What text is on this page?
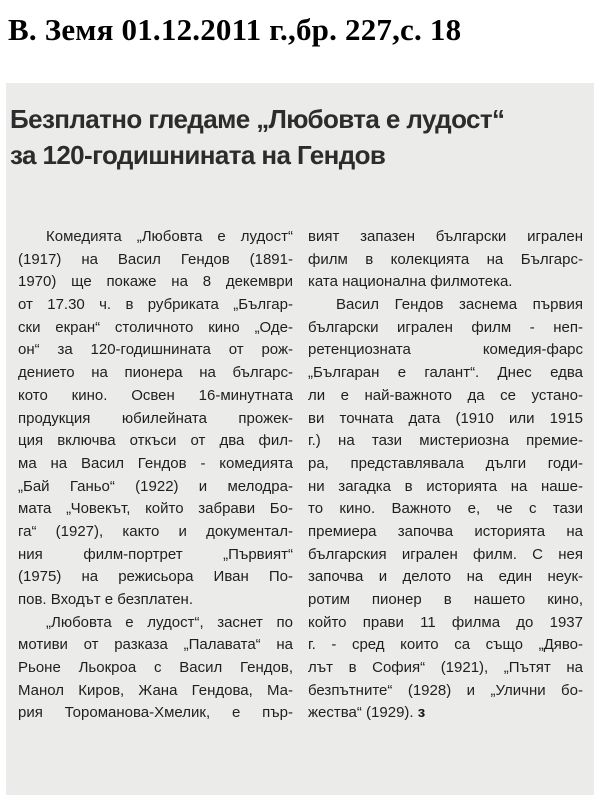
В. Земя 01.12.2011 г.,бр. 227,с. 18
Безплатно гледаме „Любовта е лудост“
за 120-годишнината на Гендов
Комедията „Любовта е лудост“
(1917) на Васил Гендов (1891-
1970) ще покаже на 8 декември
от 17.30 ч. в рубриката „Българ-
ски екран“ столичното кино „Оде-
он“ за 120-годишнината от рож-
дението на пионера на българс-
кото кино. Освен 16-минутната
продукция юбилейната прожек-
ция включва откъси от два фил-
ма на Васил Гендов - комедията
„Бай Ганьо“ (1922) и мелодра-
мата „Човекът, който забрави Бо-
га“ (1927), както и документал-
ния филм-портрет „Първият“
(1975) на режисьора Иван По-
пов. Входът е безплатен.
„Любовта е лудост“, заснет по
мотиви от разказа „Палавата“ на
Рьоне Льокроа с Васил Гендов,
Манол Киров, Жана Гендова, Ма-
рия Тороманова-Хмелик, е пър-
вият запазен български игрален
филм в колекцията на Българс-
ката национална филмотека.
Васил Гендов заснема първия
български игрален филм - неп-
ретенциозната комедия-фарс
„Българан е галант“. Днес едва
ли е най-важното да се устано-
ви точната дата (1910 или 1915
г.) на тази мистериозна премие-
ра, представлявала дълги годи-
ни загадка в историята на наше-
то кино. Важното е, че с тази
премиера започва историята на
българския игрален филм. С нея
започва и делото на един неук-
ротим пионер в нашето кино,
който прави 11 филма до 1937
г. - сред които са също „Дяво-
лът в София“ (1921), „Пътят на
безпътните“ (1928) и „Улични бо-
жества“ (1929). з
